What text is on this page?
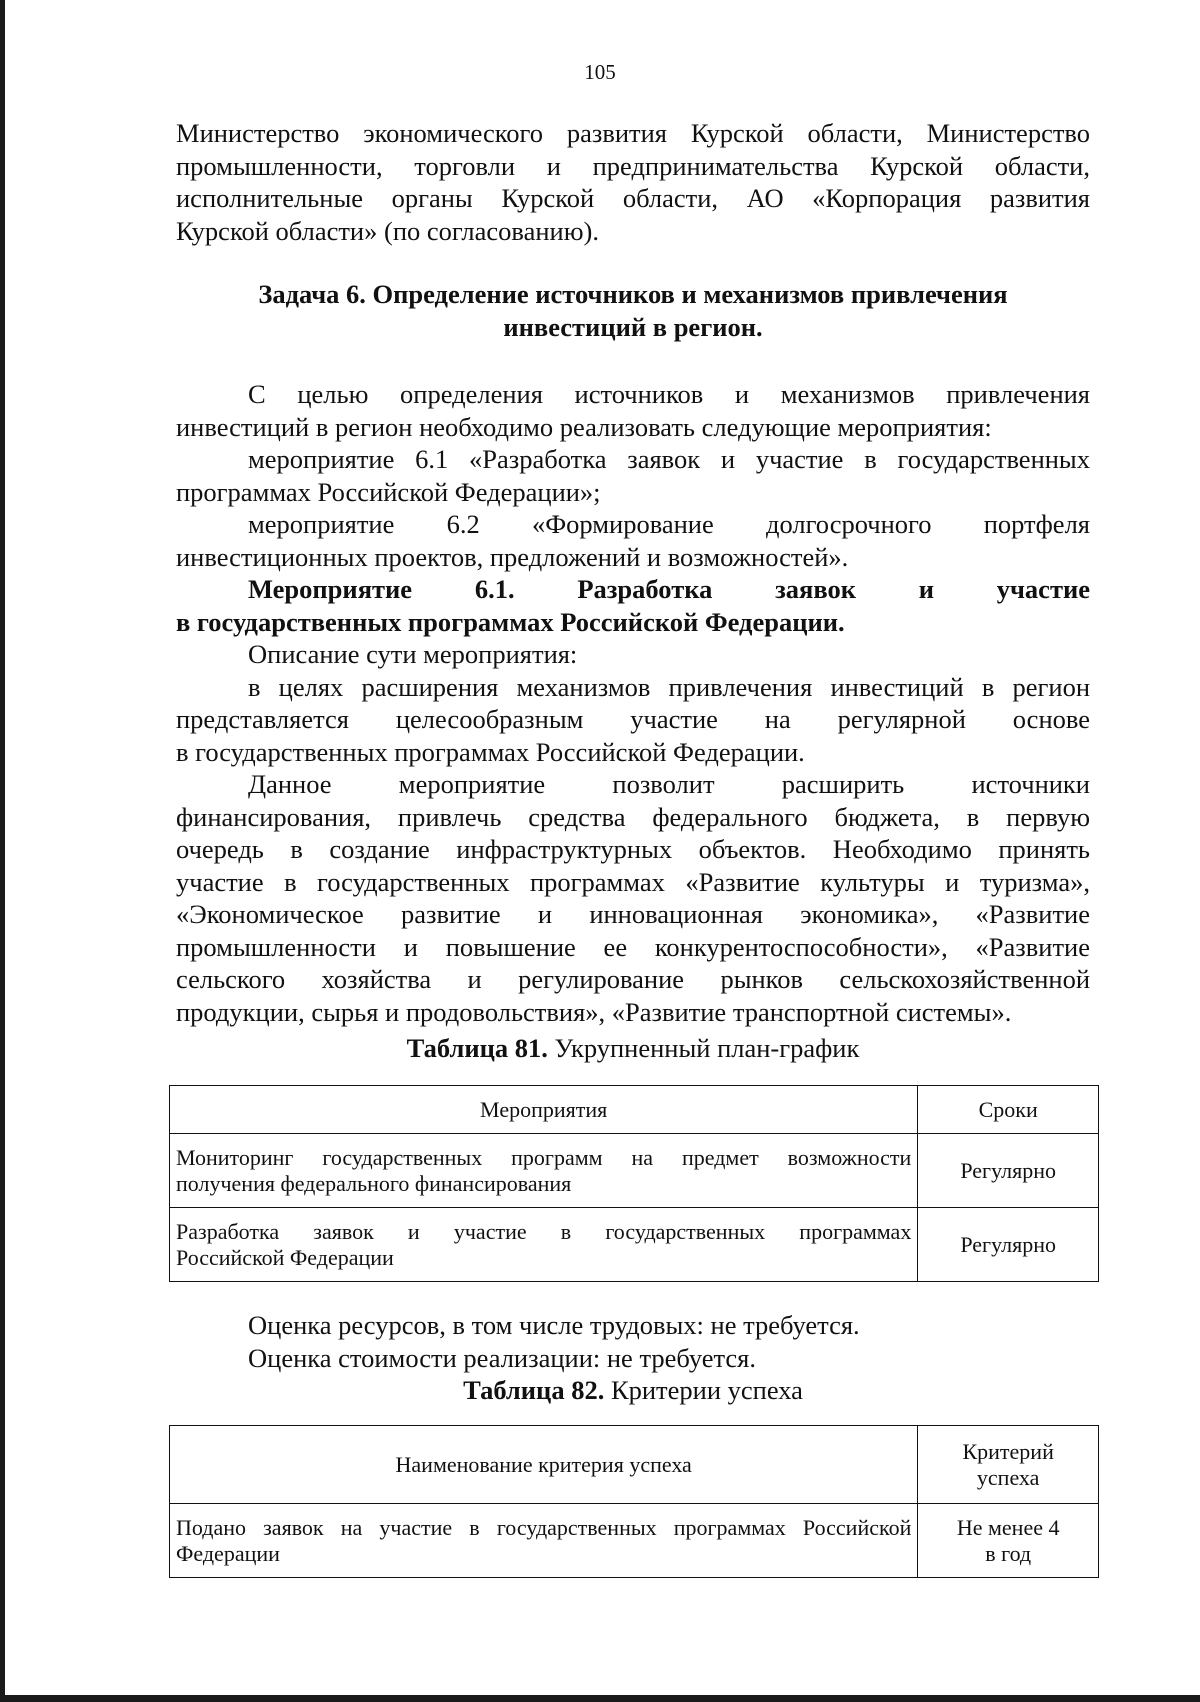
105
Министерство экономического развития Курской области, Министерство
промышленности, торговли и предпринимательства Курской области,
исполнительные органы Курской области, АО «Корпорация развития
Курской области» (по согласованию).
Задача 6. Определение источников и механизмов привлечения
инвестиций в регион.
С целью определения источников и механизмов привлечения
инвестиций в регион необходимо реализовать следующие мероприятия:
мероприятие 6.1 «Разработка заявок и участие в государственных
программах Российской Федерации»;
мероприятие 6.2 «Формирование долгосрочного портфеля
инвестиционных проектов, предложений и возможностей».
Мероприятие 6.1. Разработка заявок и участие
в государственных программах Российской Федерации.
Описание сути мероприятия:
в целях расширения механизмов привлечения инвестиций в регион
представляется целесообразным участие на регулярной основе
в государственных программах Российской Федерации.
Данное мероприятие позволит расширить источники
финансирования, привлечь средства федерального бюджета, в первую
очередь в создание инфраструктурных объектов. Необходимо принять
участие в государственных программах «Развитие культуры и туризма»,
«Экономическое развитие и инновационная экономика», «Развитие
промышленности и повышение ее конкурентоспособности», «Развитие
сельского хозяйства и регулирование рынков сельскохозяйственной
продукции, сырья и продовольствия», «Развитие транспортной системы».
Таблица 81. Укрупненный план-график
Мероприятия	Сроки

Мониторинг государственных программ на предмет возможности
получения федерального финансирования	Регулярно

Разработка заявок и участие в государственных программах
Российской Федерации	Регулярно
Оценка ресурсов, в том числе трудовых: не требуется.
Оценка стоимости реализации: не требуется.
Таблица 82. Критерии успеха
Наименование критерия успеха	Критерий
успеха

Подано заявок на участие в государственных программах Российской
Федерации	Не менее 4
в год
